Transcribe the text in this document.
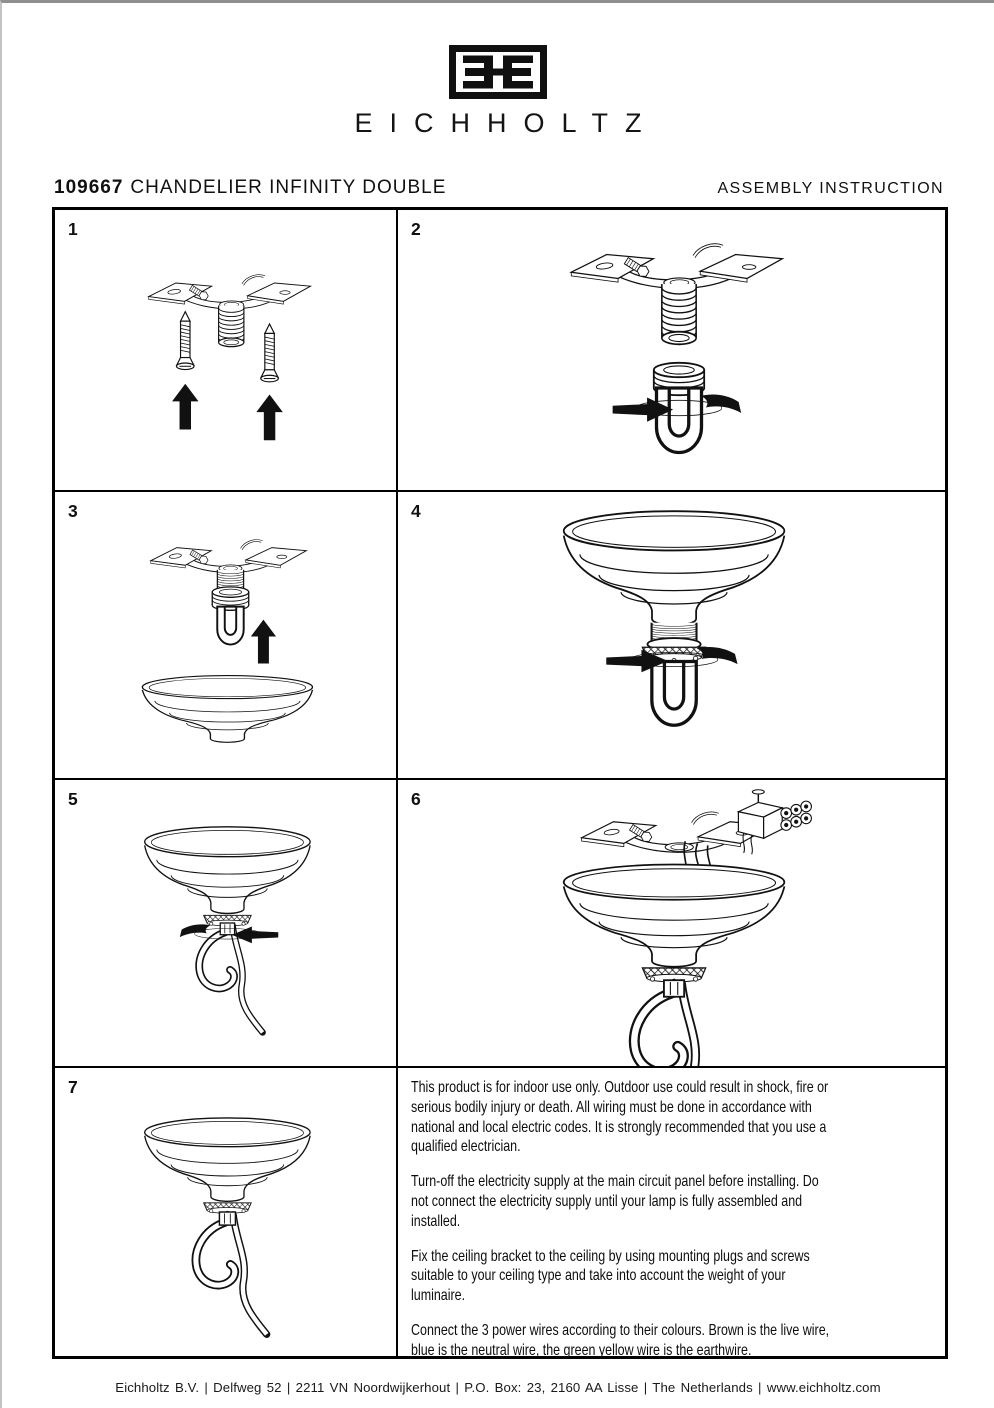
EICHHOLTZ
109667 CHANDELIER INFINITY DOUBLE	ASSEMBLY INSTRUCTION
1	2
3	4
5	6
7	This product is for indoor use only. Outdoor use could result in shock, fire or serious bodily injury or death. All wiring must be done in accordance with national and local electric codes. It is strongly recommended that you use a qualified electrician.

Turn-off the electricity supply at the main circuit panel before installing. Do not connect the electricity supply until your lamp is fully assembled and installed.

Fix the ceiling bracket to the ceiling by using mounting plugs and screws suitable to your ceiling type and take into account the weight of your luminaire.

Connect the 3 power wires according to their colours. Brown is the live wire, blue is the neutral wire, the green yellow wire is the earthwire.

Eichholtz B.V. | Delfweg 52 | 2211 VN Noordwijkerhout | P.O. Box: 23, 2160 AA Lisse | The Netherlands | www.eichholtz.com
